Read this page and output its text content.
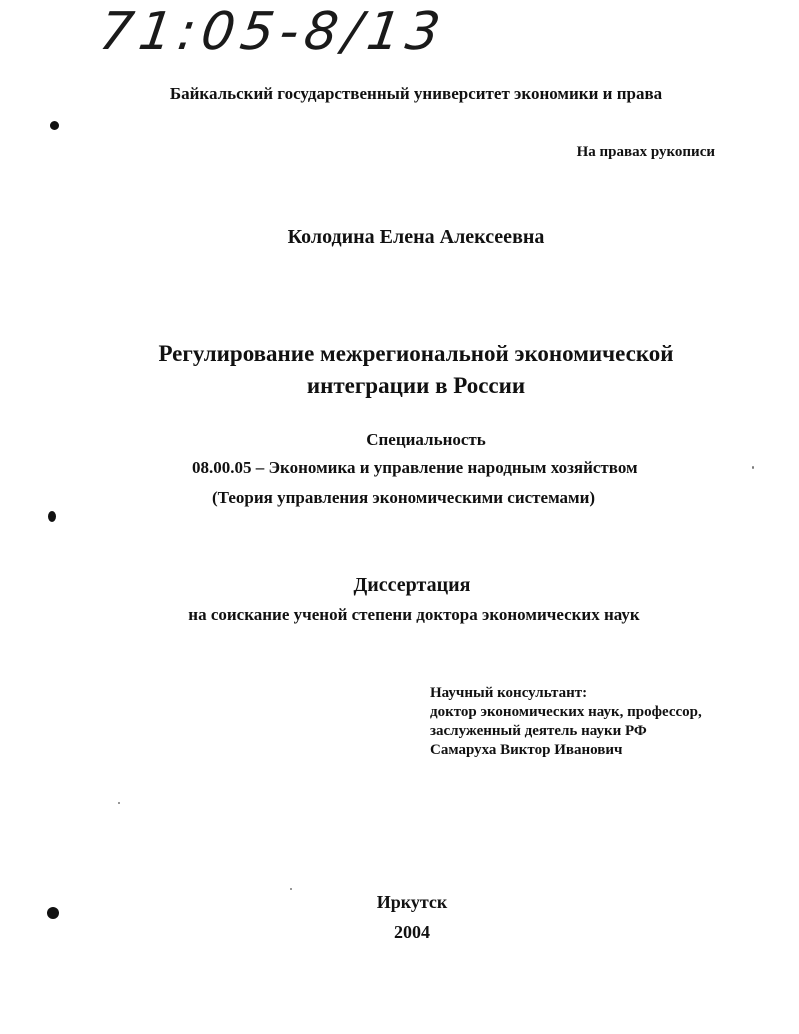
71:05-8/13
Байкальский государственный университет экономики и права
На правах рукописи
Колодина Елена Алексеевна
Регулирование межрегиональной экономической
интеграции в России
Специальность
08.00.05 – Экономика и управление народным хозяйством
(Теория управления экономическими системами)
Диссертация
на соискание ученой степени доктора экономических наук
Научный консультант:
доктор экономических наук, профессор,
заслуженный деятель науки РФ
Самаруха Виктор Иванович
Иркутск
2004
